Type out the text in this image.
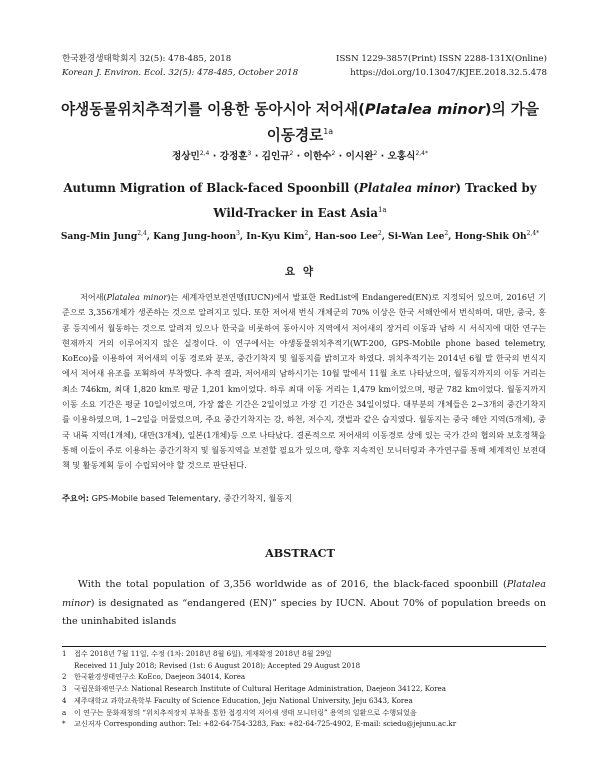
한국환경생태학회지 32(5): 478-485, 2018
Korean J. Environ. Ecol. 32(5): 478-485, October 2018
ISSN 1229-3857(Print) ISSN 2288-131X(Online)
https://doi.org/10.13047/KJEE.2018.32.5.478
야생동물위치추적기를 이용한 동아시아 저어새(Platalea minor)의 가을
이동경로$^{1a}$
정상민$^{2,4}$ · 강정훈$^3$ · 김인규$^2$ · 이한수$^2$ · 이시완$^2$ · 오홍식$^{2,4*}$
Autumn Migration of Black-faced Spoonbill (Platalea minor) Tracked by Wild-Tracker in East Asia$^{1a}$
Sang-Min Jung$^{2,4}$, Kang Jung-hoon$^3$, In-Kyu Kim$^2$, Han-soo Lee$^2$, Si-Wan Lee$^2$, Hong-Shik $Oh^{2,4*}$
요 약

저어새(Platalea minor)는 세계자연보전연맹(IUCN)에서 발표한 RedList에 Endangered(EN)로 지정되어 있으며, 2016년 기준으로 3,356개체가 생존하는 것으로 알려지고 있다. 또한 저어새 번식 개체군의 70% 이상은 한국 서해안에서 번식하며, 대만, 중국, 홍콩 등지에서 월동하는 것으로 알려져 있으나 한국을 비롯하여 동아시아 지역에서 저어새의 장거리 이동과 남하 시 서식지에 대한 연구는 현재까지 거의 이루어지지 않은 실정이다. 이 연구에서는 야생동물위치추적기(WT-200, GPS-Mobile phone based telemetry, KoEco)를 이용하여 저어새의 이동 경로와 분포, 중간기착지 및 월동지를 밝히고자 하였다. 위치추적기는 2014년 6월 말 한국의 번식지에서 저어새 유조를 포획하여 부착했다. 추적 결과, 저어새의 남하시기는 10월 말에서 11월 초로 나타났으며, 월동지까지의 이동 거리는 최소 746km, 최대 1,820 km로 평균 1,201 km이었다. 하루 최대 이동 거리는 1,479 km이었으며, 평균 782 km이었다. 월동지까지 이동 소요 기간은 평균 10일이었으며, 가장 짧은 기간은 2일이었고 가장 긴 기간은 34일이었다. 대부분의 개체들은 2~3개의 중간기착지를 이용하였으며, 1~2일을 머물렀으며, 주요 중간기착지는 강, 하천, 저수지, 갯벌과 같은 습지였다. 월동지는 중국 해안 지역(5개체), 중국 내륙 지역(1개체), 대만(3개체), 일본(1개체)등 으로 나타났다. 결론적으로 저어새의 이동경로 상에 있는 국가 간의 협의와 보호정책을 통해 이들이 주로 이용하는 중간기착지 및 월동지역을 보전할 필요가 있으며, 향후 지속적인 모니터링과 추가연구를 통해 체계적인 보전대책 및 활동계획 등이 수립되어야 할 것으로 판단된다.

주요어: GPS-Mobile based Telementary, 중간기착지, 월동지
ABSTRACT

With the total population of 3,356 worldwide as of 2016, the black-faced spoonbill (Platalea minor) is designated as “endangered (EN)” species by IUCN. About 70% of population breeds on the uninhabited islands

1	접수 2018년 7월 11일, 수정 (1차: 2018년 8월 6일), 게재확정 2018년 8월 29일
Received 11 July 2018; Revised (1st: 6 August 2018); Accepted 29 August 2018
2	한국환경생태연구소 KoEco, Daejeon 34014, Korea
3	국립문화재연구소 National Research Institute of Cultural Heritage Administration, Daejeon 34122, Korea
4	제주대학교 과학교육학부 Faculty of Science Education, Jeju National University, Jeju 6343, Korea
a	이 연구는 문화재청의 “위치추적장치 부착을 통한 접경지역 저어새 생태 모니터링” 용역의 일환으로 수행되었음
*	교신저자 Corresponding author: Tel: +82-64-754-3283, Fax: +82-64-725-4902, E-mail: sciedu@jejunu.ac.kr
